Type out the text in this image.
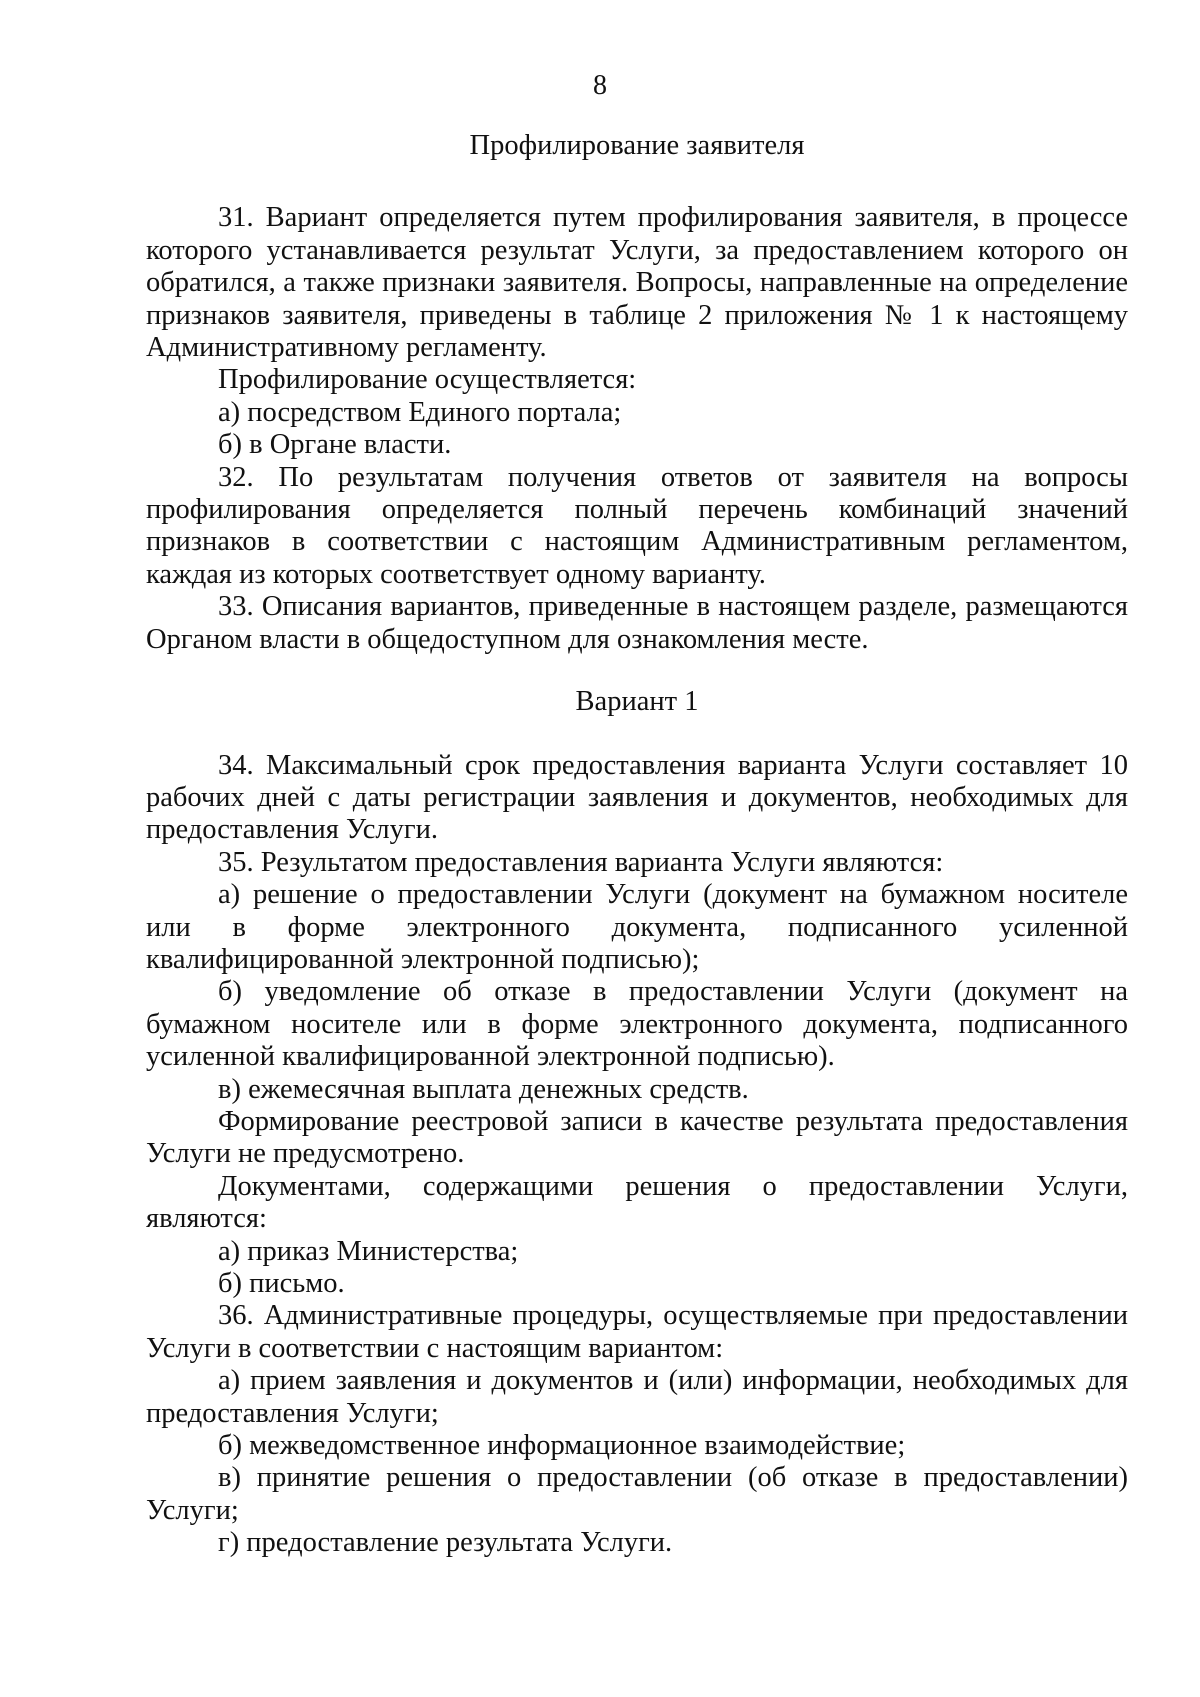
8
Профилирование заявителя

31. Вариант определяется путем профилирования заявителя, в процессе которого устанавливается результат Услуги, за предоставлением которого он обратился, а также признаки заявителя. Вопросы, направленные на определение признаков заявителя, приведены в таблице 2 приложения № 1 к настоящему Административному регламенту.

Профилирование осуществляется:

а) посредством Единого портала;

б) в Органе власти.

32. По результатам получения ответов от заявителя на вопросы профилирования определяется полный перечень комбинаций значений признаков в соответствии с настоящим Административным регламентом, каждая из которых соответствует одному варианту.

33. Описания вариантов, приведенные в настоящем разделе, размещаются Органом власти в общедоступном для ознакомления месте.

Вариант 1

34. Максимальный срок предоставления варианта Услуги составляет 10 рабочих дней с даты регистрации заявления и документов, необходимых для предоставления Услуги.

35. Результатом предоставления варианта Услуги являются:

а) решение о предоставлении Услуги (документ на бумажном носителе или в форме электронного документа, подписанного усиленной квалифицированной электронной подписью);

б) уведомление об отказе в предоставлении Услуги (документ на бумажном носителе или в форме электронного документа, подписанного усиленной квалифицированной электронной подписью).

в) ежемесячная выплата денежных средств.

Формирование реестровой записи в качестве результата предоставления Услуги не предусмотрено.

Документами, содержащими решения о предоставлении Услуги, являются:

а) приказ Министерства;

б) письмо.

36. Административные процедуры, осуществляемые при предоставлении Услуги в соответствии с настоящим вариантом:

а) прием заявления и документов и (или) информации, необходимых для предоставления Услуги;

б) межведомственное информационное взаимодействие;

в) принятие решения о предоставлении (об отказе в предоставлении) Услуги;

г) предоставление результата Услуги.
